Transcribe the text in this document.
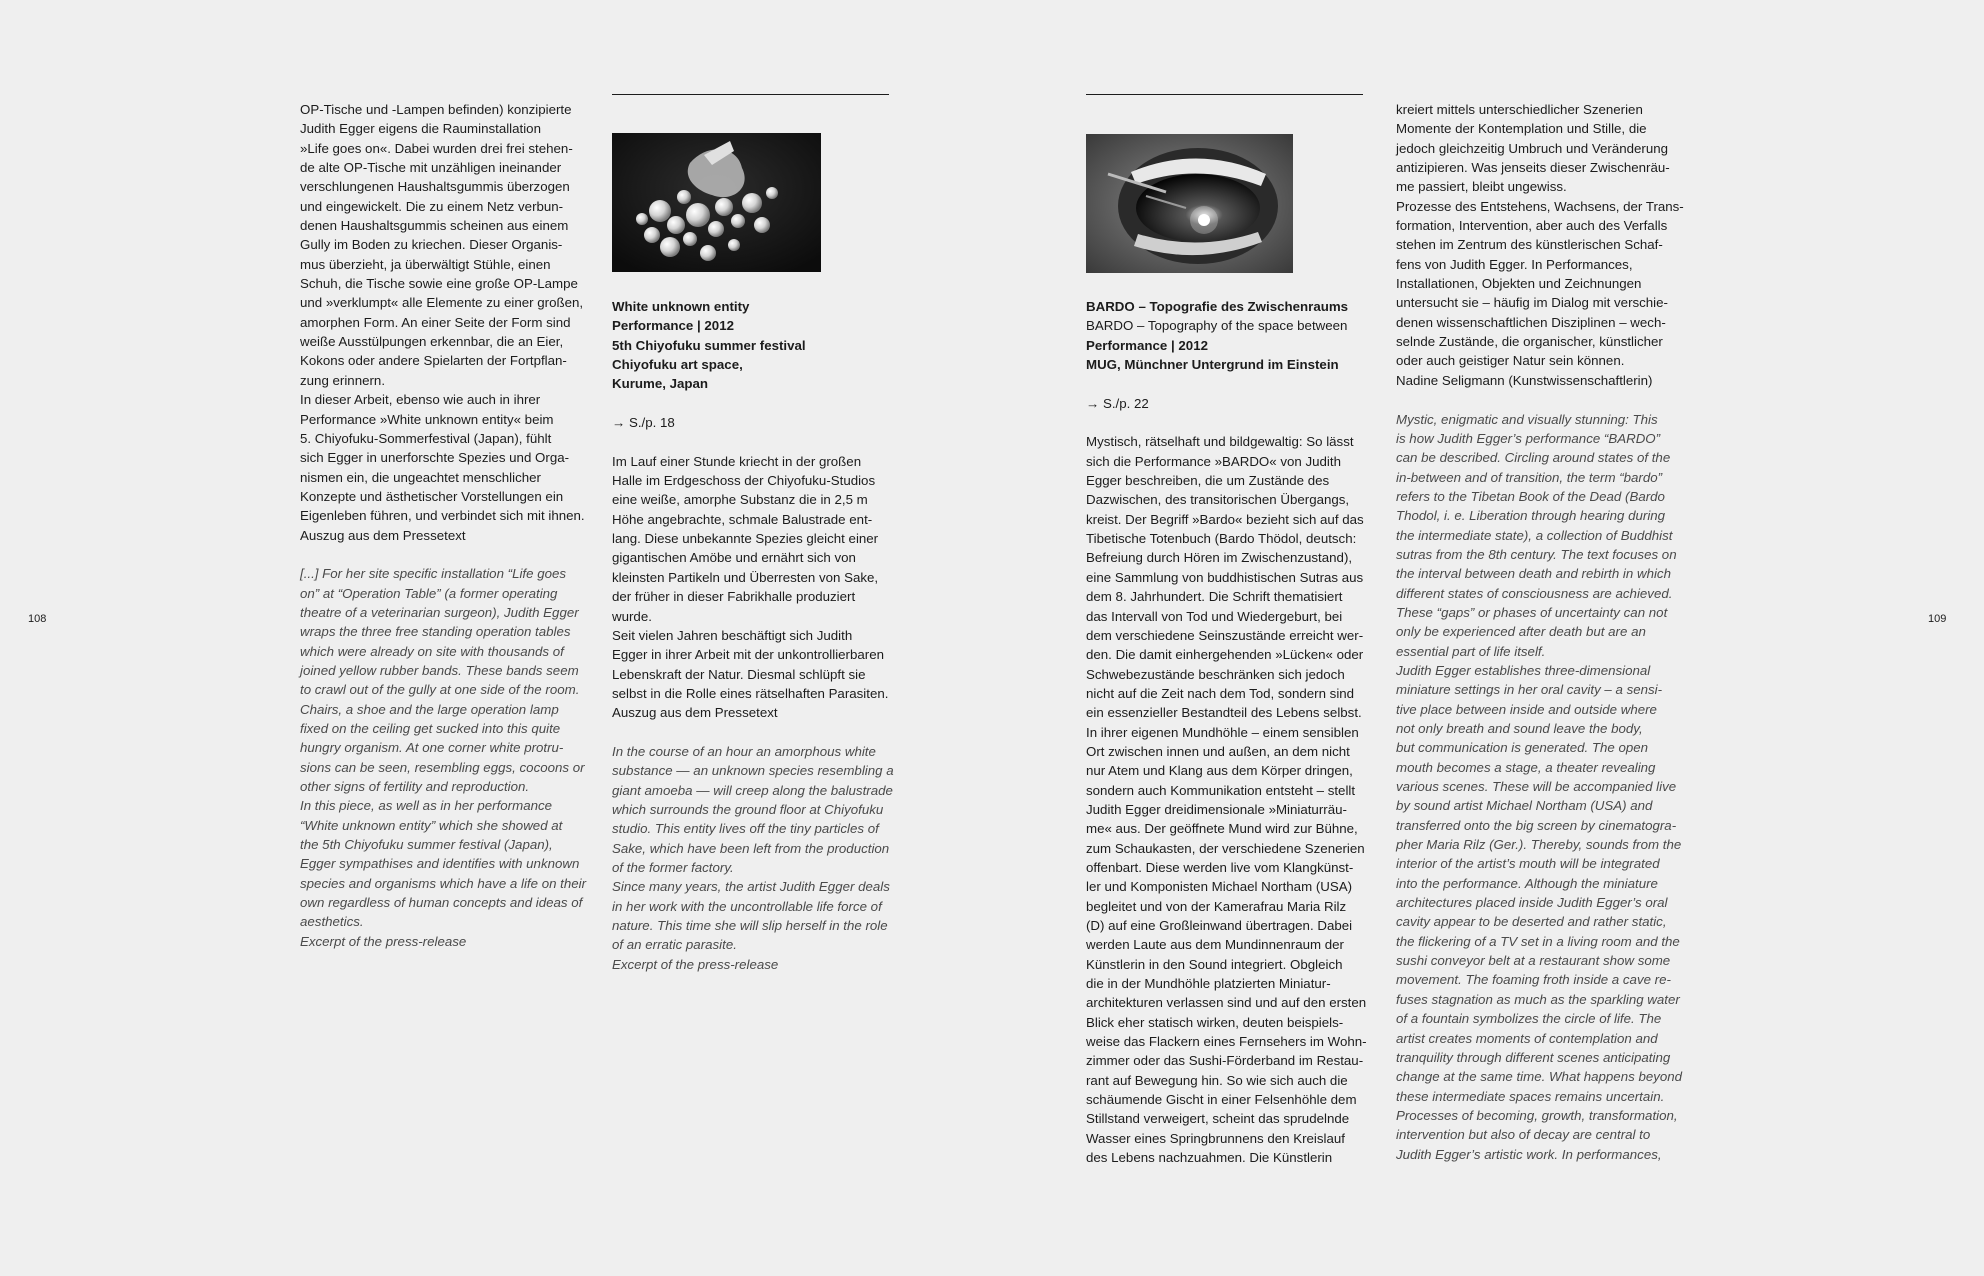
108	109

OP-Tische und -Lampen befinden) konzipierte

Judith Egger eigens die Rauminstallation

»Life goes on«. Dabei wurden drei frei stehen-

de alte OP-Tische mit unzähligen ineinander

verschlungenen Haushaltsgummis überzogen

und eingewickelt. Die zu einem Netz verbun-

denen Haushaltsgummis scheinen aus einem

Gully im Boden zu kriechen. Dieser Organis-

mus überzieht, ja überwältigt Stühle, einen

Schuh, die Tische sowie eine große OP-Lampe

und »verklumpt« alle Elemente zu einer großen,

amorphen Form. An einer Seite der Form sind

weiße Ausstülpungen erkennbar, die an Eier,

Kokons oder andere Spielarten der Fortpflan-

zung erinnern.

In dieser Arbeit, ebenso wie auch in ihrer

Performance »White unknown entity« beim

5. Chiyofuku-Sommerfestival (Japan), fühlt

sich Egger in unerforschte Spezies und Orga-

nismen ein, die ungeachtet menschlicher

Konzepte und ästhetischer Vorstellungen ein

Eigenleben führen, und verbindet sich mit ihnen.

Auszug aus dem Pressetext

[...] For her site specific installation “Life goes

on” at “Operation Table” (a former operating

theatre of a veterinarian surgeon), Judith Egger

wraps the three free standing operation tables

which were already on site with thousands of

joined yellow rubber bands. These bands seem

to crawl out of the gully at one side of the room.

Chairs, a shoe and the large operation lamp

fixed on the ceiling get sucked into this quite

hungry organism. At one corner white protru-

sions can be seen, resembling eggs, cocoons or

other signs of fertility and reproduction.

In this piece, as well as in her performance

“White unknown entity” which she showed at

the 5th Chiyofuku summer festival (Japan),

Egger sympathises and identifies with unknown

species and organisms which have a life on their

own regardless of human concepts and ideas of

aesthetics.

Excerpt of the press-release

White unknown entity

Performance | 2012

5th Chiyofuku summer festival

Chiyofuku art space,

Kurume, Japan

→ S./p. 18

Im Lauf einer Stunde kriecht in der großen

Halle im Erdgeschoss der Chiyofuku-Studios

eine weiße, amorphe Substanz die in 2,5 m

Höhe angebrachte, schmale Balustrade ent-

lang. Diese unbekannte Spezies gleicht einer

gigantischen Amöbe und ernährt sich von

kleinsten Partikeln und Überresten von Sake,

der früher in dieser Fabrikhalle produziert

wurde.

Seit vielen Jahren beschäftigt sich Judith

Egger in ihrer Arbeit mit der unkontrollierbaren

Lebenskraft der Natur. Diesmal schlüpft sie

selbst in die Rolle eines rätselhaften Parasiten.

Auszug aus dem Pressetext

In the course of an hour an amorphous white

substance — an unknown species resembling a

giant amoeba — will creep along the balustrade

which surrounds the ground floor at Chiyofuku

studio. This entity lives off the tiny particles of

Sake, which have been left from the production

of the former factory.

Since many years, the artist Judith Egger deals

in her work with the uncontrollable life force of

nature. This time she will slip herself in the role

of an erratic parasite.

Excerpt of the press-release

BARDO – Topografie des Zwischenraums

BARDO – Topography of the space between

Performance | 2012

MUG, Münchner Untergrund im Einstein

→ S./p. 22

Mystisch, rätselhaft und bildgewaltig: So lässt

sich die Performance »BARDO« von Judith

Egger beschreiben, die um Zustände des

Dazwischen, des transitorischen Übergangs,

kreist. Der Begriff »Bardo« bezieht sich auf das

Tibetische Totenbuch (Bardo Thödol, deutsch:

Befreiung durch Hören im Zwischenzustand),

eine Sammlung von buddhistischen Sutras aus

dem 8. Jahrhundert. Die Schrift thematisiert

das Intervall von Tod und Wiedergeburt, bei

dem verschiedene Seinszustände erreicht wer-

den. Die damit einhergehenden »Lücken« oder

Schwebezustände beschränken sich jedoch

nicht auf die Zeit nach dem Tod, sondern sind

ein essenzieller Bestandteil des Lebens selbst.

In ihrer eigenen Mundhöhle – einem sensiblen

Ort zwischen innen und außen, an dem nicht

nur Atem und Klang aus dem Körper dringen,

sondern auch Kommunikation entsteht – stellt

Judith Egger dreidimensionale »Miniaturräu-

me« aus. Der geöffnete Mund wird zur Bühne,

zum Schaukasten, der verschiedene Szenerien

offenbart. Diese werden live vom Klangkünst-

ler und Komponisten Michael Northam (USA)

begleitet und von der Kamerafrau Maria Rilz

(D) auf eine Großleinwand übertragen. Dabei

werden Laute aus dem Mundinnenraum der

Künstlerin in den Sound integriert. Obgleich

die in der Mundhöhle platzierten Miniatur-

architekturen verlassen sind und auf den ersten

Blick eher statisch wirken, deuten beispiels-

weise das Flackern eines Fernsehers im Wohn-

zimmer oder das Sushi-Förderband im Restau-

rant auf Bewegung hin. So wie sich auch die

schäumende Gischt in einer Felsenhöhle dem

Stillstand verweigert, scheint das sprudelnde

Wasser eines Springbrunnens den Kreislauf

des Lebens nachzuahmen. Die Künstlerin

kreiert mittels unterschiedlicher Szenerien

Momente der Kontemplation und Stille, die

jedoch gleichzeitig Umbruch und Veränderung

antizipieren. Was jenseits dieser Zwischenräu-

me passiert, bleibt ungewiss.

Prozesse des Entstehens, Wachsens, der Trans-

formation, Intervention, aber auch des Verfalls

stehen im Zentrum des künstlerischen Schaf-

fens von Judith Egger. In Performances,

Installationen, Objekten und Zeichnungen

untersucht sie – häufig im Dialog mit verschie-

denen wissenschaftlichen Disziplinen – wech-

selnde Zustände, die organischer, künstlicher

oder auch geistiger Natur sein können.

Nadine Seligmann (Kunstwissenschaftlerin)

Mystic, enigmatic and visually stunning: This

is how Judith Egger’s performance “BARDO”

can be described. Circling around states of the

in-between and of transition, the term “bardo”

refers to the Tibetan Book of the Dead (Bardo

Thodol, i. e. Liberation through hearing during

the intermediate state), a collection of Buddhist

sutras from the 8th century. The text focuses on

the interval between death and rebirth in which

different states of consciousness are achieved.

These “gaps” or phases of uncertainty can not

only be experienced after death but are an

essential part of life itself.

Judith Egger establishes three-dimensional

miniature settings in her oral cavity – a sensi-

tive place between inside and outside where

not only breath and sound leave the body,

but communication is generated. The open

mouth becomes a stage, a theater revealing

various scenes. These will be accompanied live

by sound artist Michael Northam (USA) and

transferred onto the big screen by cinematogra-

pher Maria Rilz (Ger.). Thereby, sounds from the

interior of the artist’s mouth will be integrated

into the performance. Although the miniature

architectures placed inside Judith Egger’s oral

cavity appear to be deserted and rather static,

the flickering of a TV set in a living room and the

sushi conveyor belt at a restaurant show some

movement. The foaming froth inside a cave re-

fuses stagnation as much as the sparkling water

of a fountain symbolizes the circle of life. The

artist creates moments of contemplation and

tranquility through different scenes anticipating

change at the same time. What happens beyond

these intermediate spaces remains uncertain.

Processes of becoming, growth, transformation,

intervention but also of decay are central to

Judith Egger’s artistic work. In performances,
